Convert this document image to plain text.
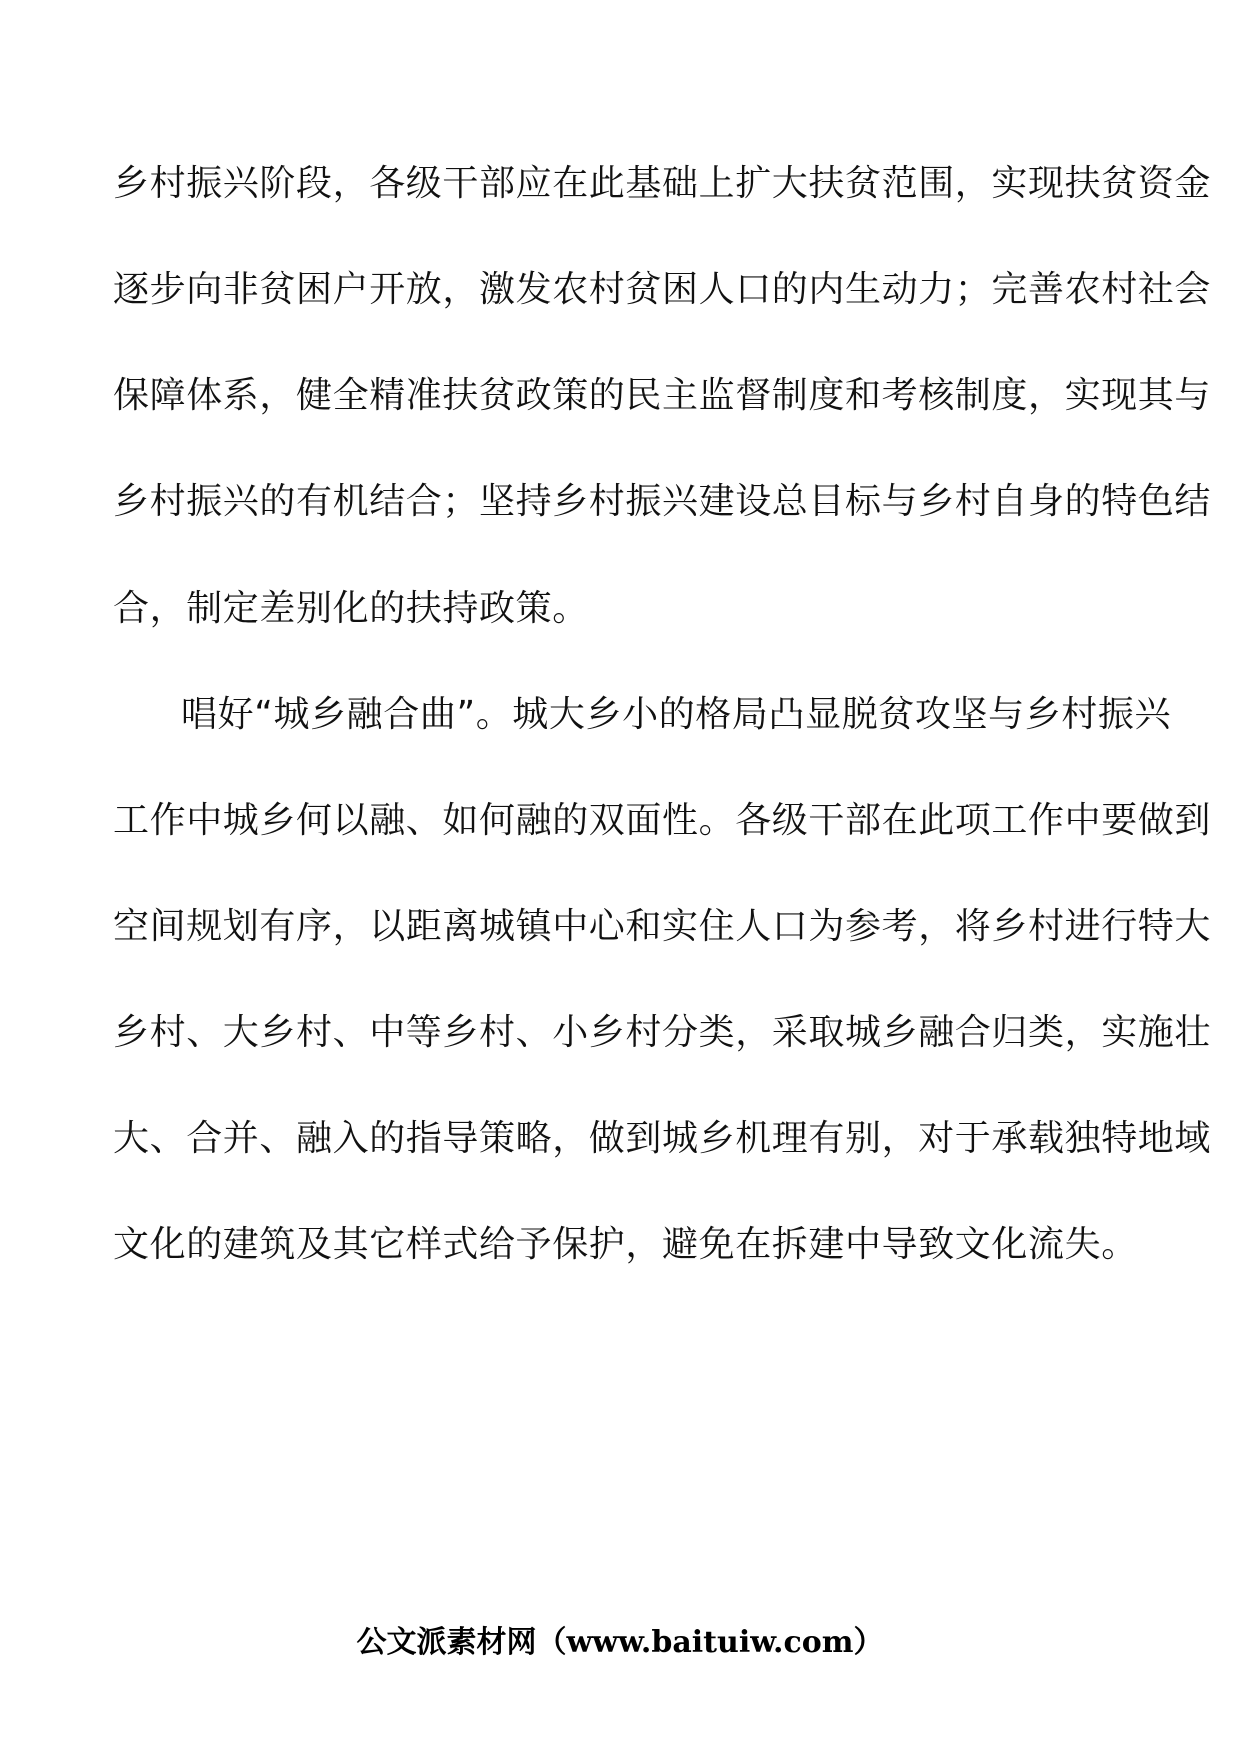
乡村振兴阶段，各级干部应在此基础上扩大扶贫范围，实现扶贫资金
逐步向非贫困户开放，激发农村贫困人口的内生动力；完善农村社会
保障体系，健全精准扶贫政策的民主监督制度和考核制度，实现其与
乡村振兴的有机结合；坚持乡村振兴建设总目标与乡村自身的特色结
合，制定差别化的扶持政策。
唱好“城乡融合曲”。城大乡小的格局凸显脱贫攻坚与乡村振兴
工作中城乡何以融、如何融的双面性。各级干部在此项工作中要做到
空间规划有序，以距离城镇中心和实住人口为参考，将乡村进行特大
乡村、大乡村、中等乡村、小乡村分类，采取城乡融合归类，实施壮
大、合并、融入的指导策略，做到城乡机理有别，对于承载独特地域
文化的建筑及其它样式给予保护，避免在拆建中导致文化流失。
公文派素材网（www.baituiw.com）
